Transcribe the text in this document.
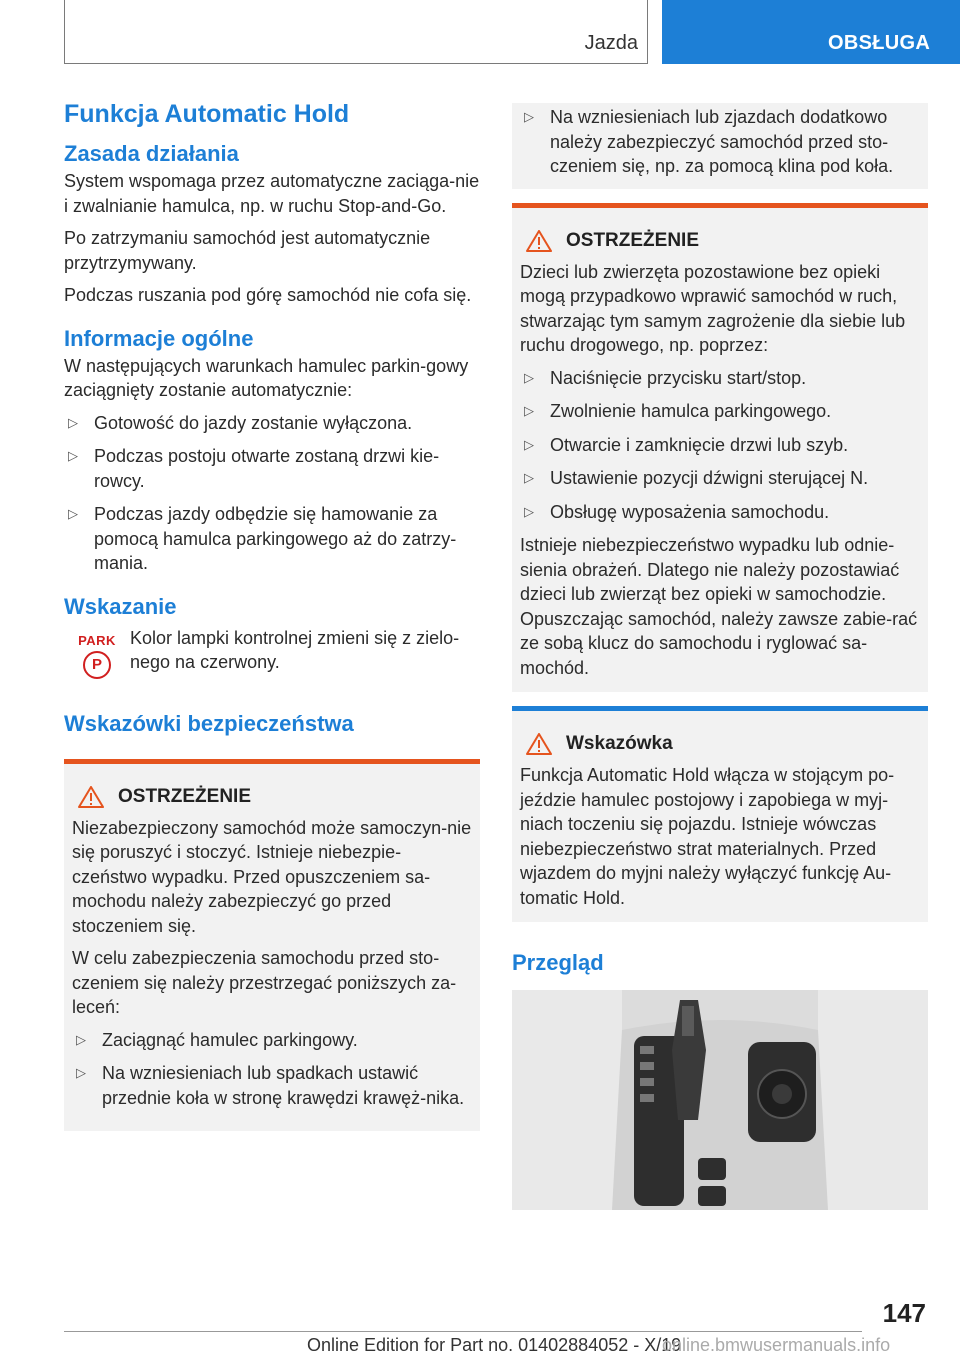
Jazda	OBSŁUGA
Funkcja Automatic Hold
Zasada działania

System wspomaga przez automatyczne zaciąga-nie i zwalnianie hamulca, np. w ruchu Stop-and-Go.

Po zatrzymaniu samochód jest automatycznie przytrzymywany.

Podczas ruszania pod górę samochód nie cofa się.

Informacje ogólne

W następujących warunkach hamulec parkin-gowy zaciągnięty zostanie automatycznie:

▷ Gotowość do jazdy zostanie wyłączona.
▷ Podczas postoju otwarte zostaną drzwi kie-rowcy.
▷ Podczas jazdy odbędzie się hamowanie za pomocą hamulca parkingowego aż do zatrzy-mania.
Wskazanie
PARK
P

Kolor lampki kontrolnej zmieni się z zielo-nego na czerwony.

Wskazówki bezpieczeństwa
OSTRZEŻENIE

Niezabezpieczony samochód może samoczyn-nie się poruszyć i stoczyć. Istnieje niebezpie-czeństwo wypadku. Przed opuszczeniem sa-mochodu należy zabezpieczyć go przed stoczeniem się.

W celu zabezpieczenia samochodu przed sto-czeniem się należy przestrzegać poniższych za-leceń:

▷ Zaciągnąć hamulec parkingowy.
▷ Na wzniesieniach lub spadkach ustawić przednie koła w stronę krawędzi krawęż-nika.
▷ Na wzniesieniach lub zjazdach dodatkowo należy zabezpieczyć samochód przed sto-czeniem się, np. za pomocą klina pod koła.
OSTRZEŻENIE

Dzieci lub zwierzęta pozostawione bez opieki mogą przypadkowo wprawić samochód w ruch, stwarzając tym samym zagrożenie dla siebie lub ruchu drogowego, np. poprzez:

▷ Naciśnięcie przycisku start/stop.
▷ Zwolnienie hamulca parkingowego.
▷ Otwarcie i zamknięcie drzwi lub szyb.
▷ Ustawienie pozycji dźwigni sterującej N.
▷ Obsługę wyposażenia samochodu.

Istnieje niebezpieczeństwo wypadku lub odnie-sienia obrażeń. Dlatego nie należy pozostawiać dzieci lub zwierząt bez opieki w samochodzie. Opuszczając samochód, należy zawsze zabie-rać ze sobą klucz do samochodu i ryglować sa-mochód.

Wskazówka

Funkcja Automatic Hold włącza w stojącym po-jeździe hamulec postojowy i zapobiega w myj-niach toczeniu się pojazdu. Istnieje wówczas niebezpieczeństwo strat materialnych. Przed wjazdem do myjni należy wyłączyć funkcję Au-tomatic Hold.

Przegląd
147
Online Edition for Part no. 01402884052 - X/19
online.bmwusermanuals.info
